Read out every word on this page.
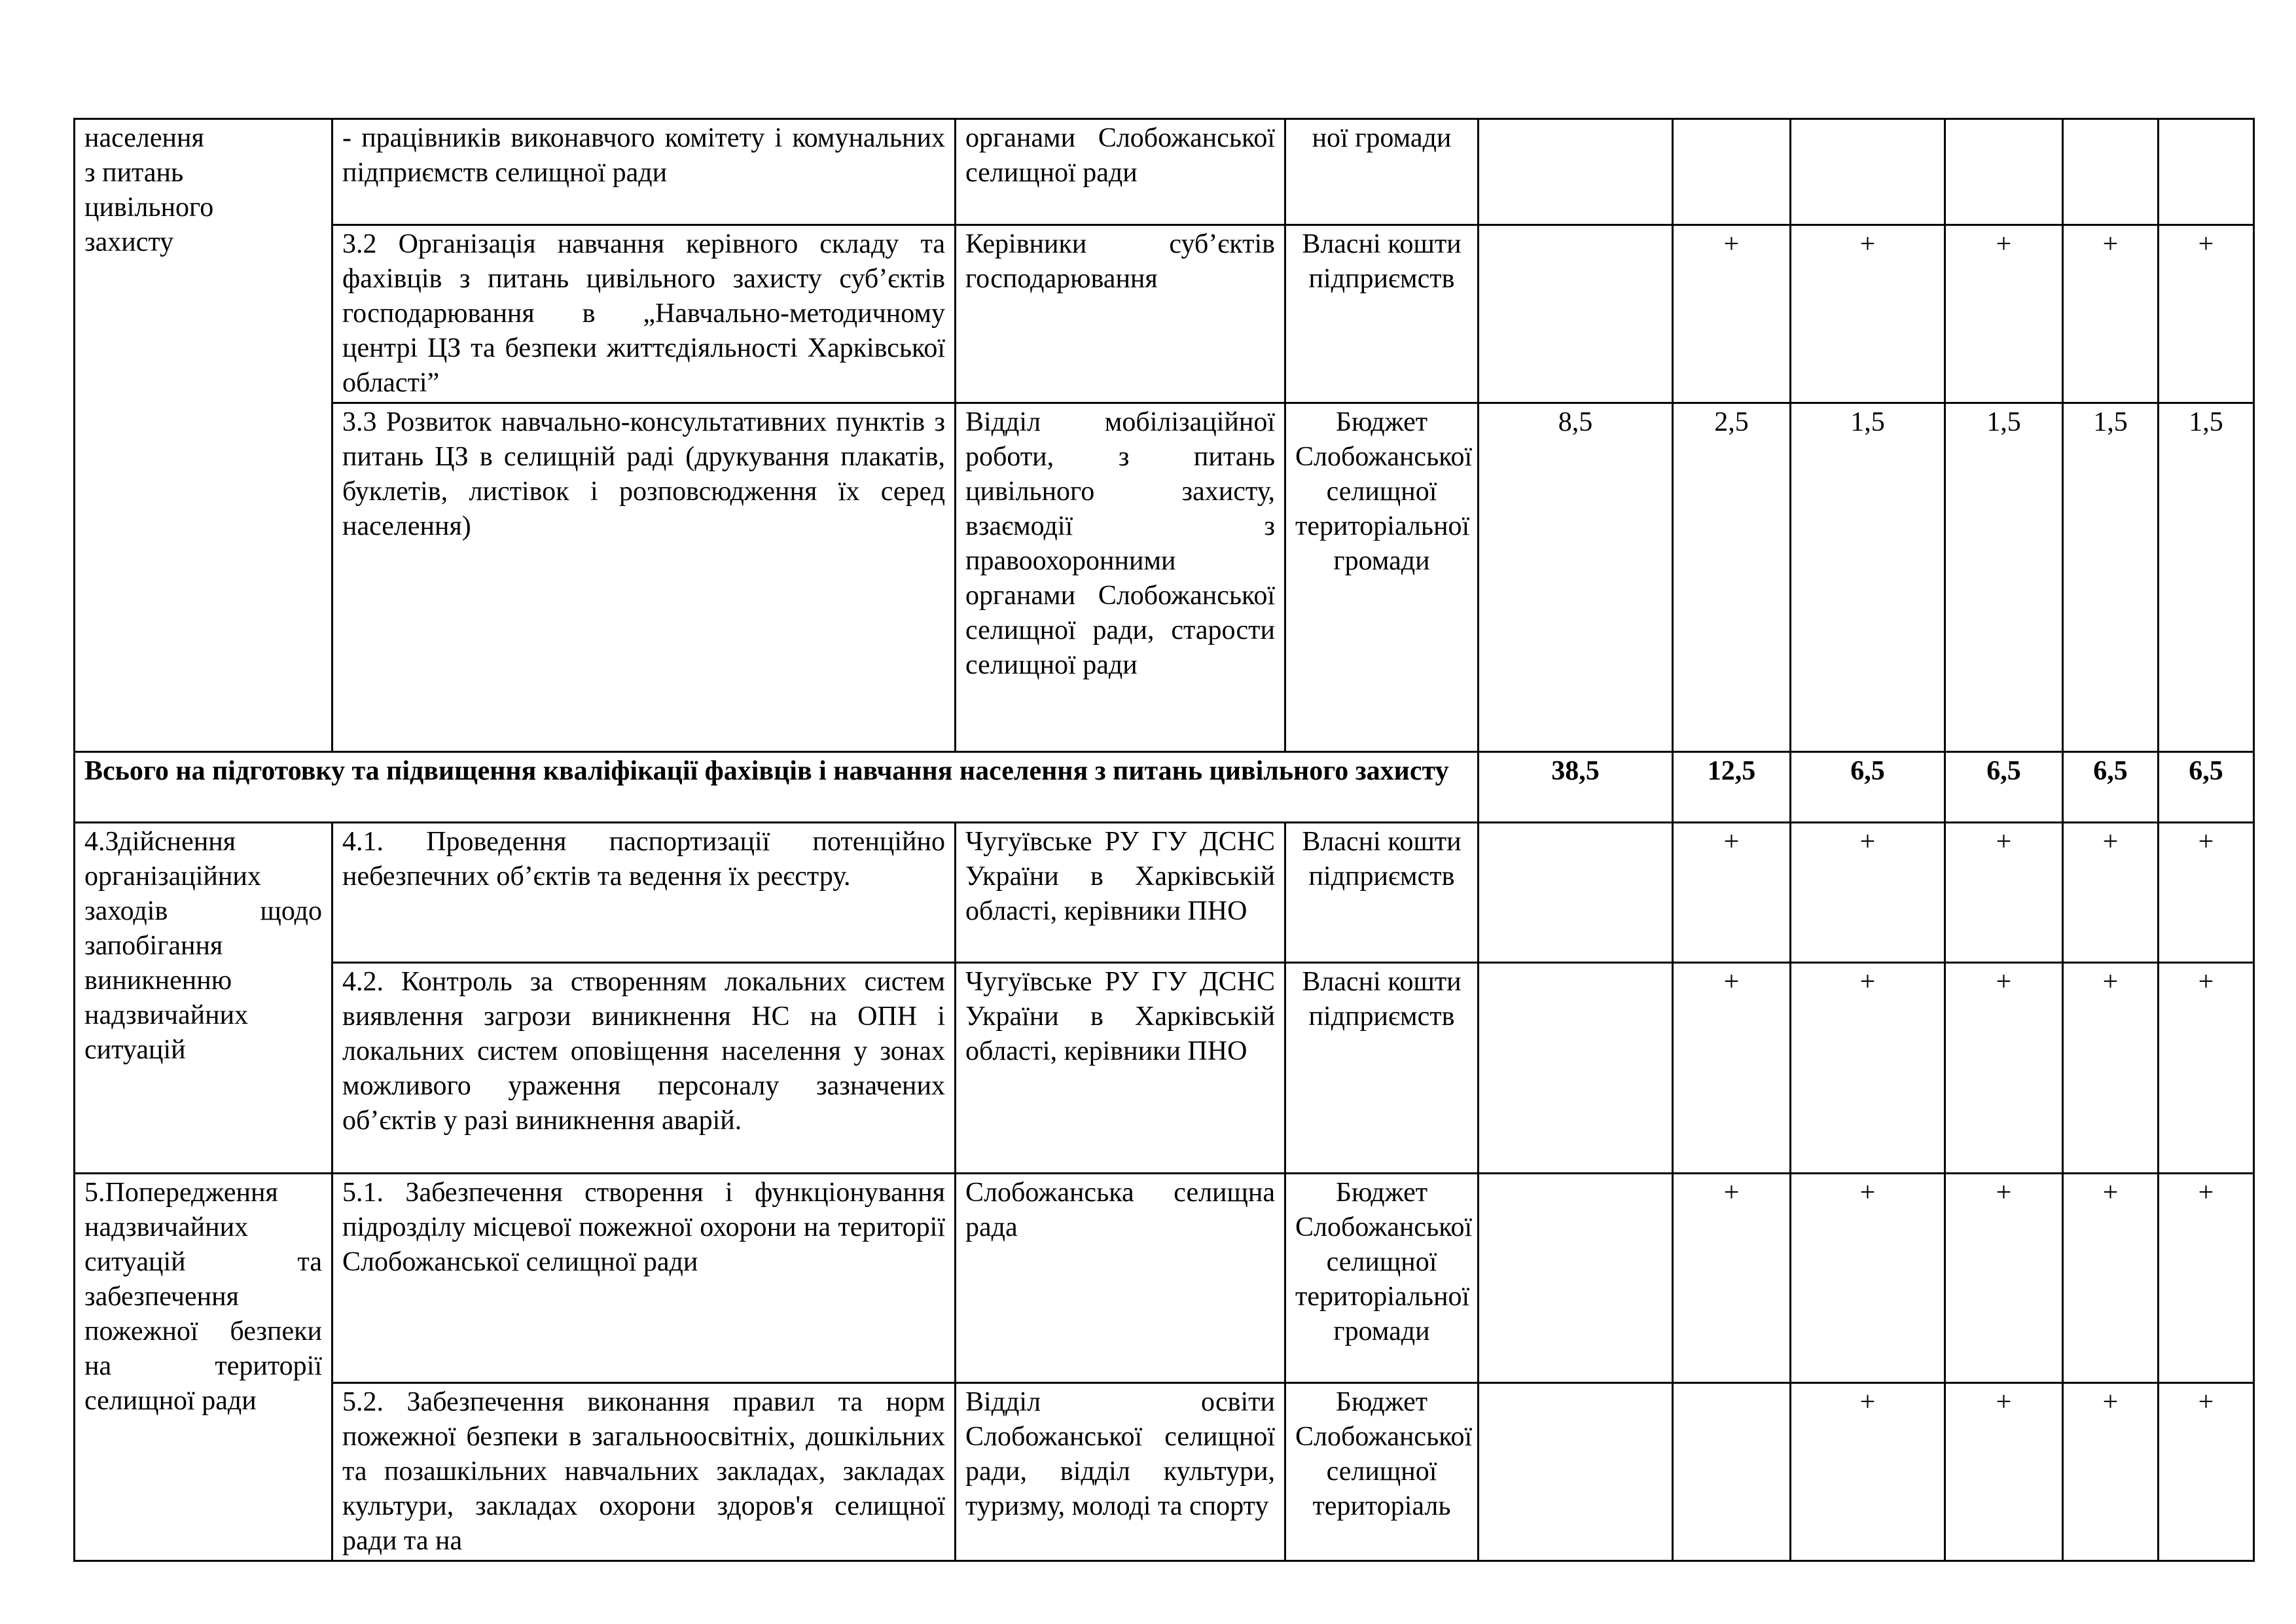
населення
з питань
цивільного
захисту	- працівників виконавчого комітету і комунальних підприємств селищної ради	органами Слобожанської селищної ради	ної громади						
	3.2 Організація навчання керівного складу та фахівців з питань цивільного захисту суб’єктів господарювання в „Навчально-методичному центрі ЦЗ та безпеки життєдіяльності Харківської області”	Керівники суб’єктів господарювання	Власні кошти підприємств		+	+	+	+	+
	3.3 Розвиток навчально-консультативних пунктів з питань ЦЗ в селищній раді (друкування плакатів, буклетів, листівок і розповсюдження їх серед населення)	Відділ мобілізаційної роботи, з питань цивільного захисту, взаємодії з правоохоронними органами Слобожанської селищної ради, старости селищної ради	Бюджет Слобожанської селищної територіальної громади	8,5	2,5	1,5	1,5	1,5	1,5
Всього на підготовку та підвищення кваліфікації фахівців і навчання населення з питань цивільного захисту				38,5	12,5	6,5	6,5	6,5	6,5
4.Здійснення організаційних заходів щодо запобігання виникненню надзвичайних ситуацій	4.1. Проведення паспортизації потенційно небезпечних об’єктів та ведення їх реєстру.	Чугуївське РУ ГУ ДСНС України в Харківській області, керівники ПНО	Власні кошти підприємств		+	+	+	+	+
	4.2. Контроль за створенням локальних систем виявлення загрози виникнення НС на ОПН і локальних систем оповіщення населення у зонах можливого ураження персоналу зазначених об’єктів у разі виникнення аварій.	Чугуївське РУ ГУ ДСНС України в Харківській області, керівники ПНО	Власні кошти підприємств		+	+	+	+	+
5.Попередження надзвичайних ситуацій та забезпечення пожежної безпеки на території селищної ради	5.1. Забезпечення створення і функціонування підрозділу місцевої пожежної охорони на території Слобожанської селищної ради	Слобожанська селищна рада	Бюджет Слобожанської селищної територіальної громади		+	+	+	+	+
	5.2. Забезпечення виконання правил та норм пожежної безпеки в загальноосвітніх, дошкільних та позашкільних навчальних закладах, закладах культури, закладах охорони здоров'я селищної ради та на	Відділ освіти Слобожанської селищної ради, відділ культури, туризму, молоді та спорту	Бюджет Слобожанської селищної територіаль			+	+	+	+
